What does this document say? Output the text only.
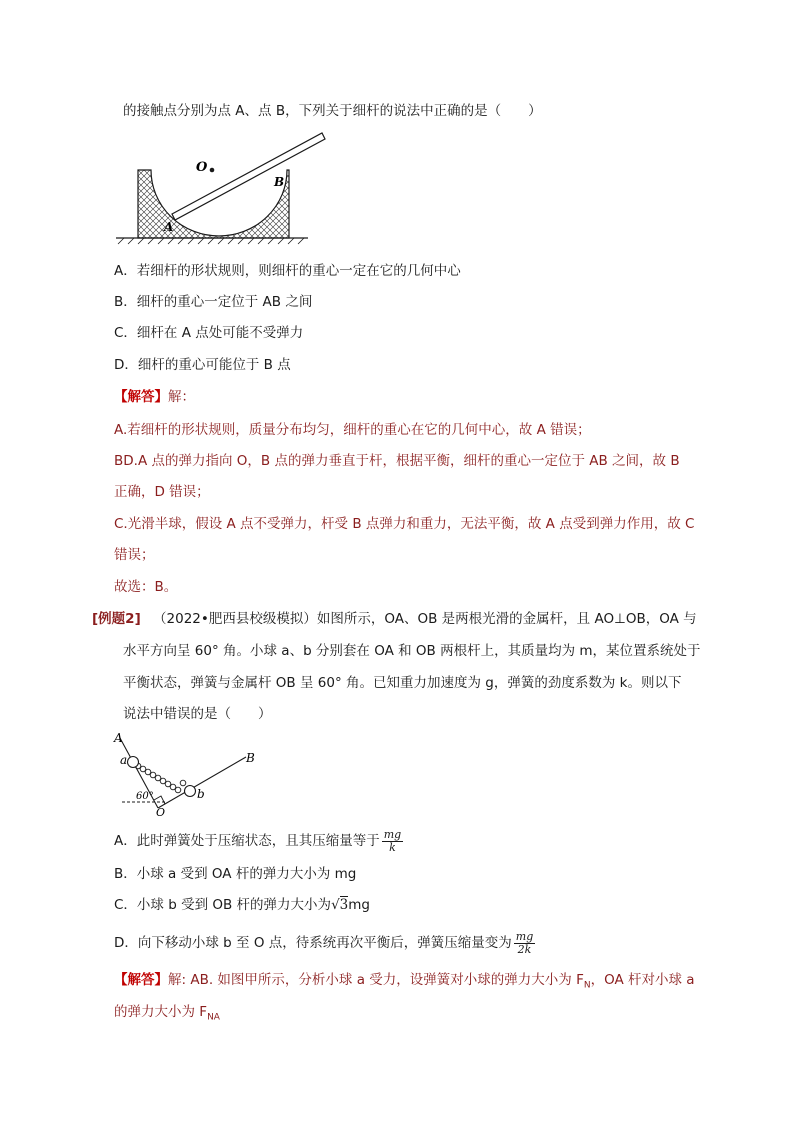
的接触点分别为点 A、点 B，下列关于细杆的说法中正确的是（　　）
O
A
B
A．若细杆的形状规则，则细杆的重心一定在它的几何中心
B．细杆的重心一定位于 AB 之间
C．细杆在 A 点处可能不受弹力
D．细杆的重心可能位于 B 点
【解答】解：
A.若细杆的形状规则，质量分布均匀，细杆的重心在它的几何中心，故 A 错误；
BD.A 点的弹力指向 O，B 点的弹力垂直于杆，根据平衡，细杆的重心一定位于 AB 之间，故 B
正确，D 错误；
C.光滑半球，假设 A 点不受弹力，杆受 B 点弹力和重力，无法平衡，故 A 点受到弹力作用，故 C
错误；
故选：B。
[例题2] （2022•肥西县校级模拟）如图所示，OA、OB 是两根光滑的金属杆，且 AO⊥OB，OA 与
水平方向呈 60° 角。小球 a、b 分别套在 OA 和 OB 两根杆上，其质量均为 m，某位置系统处于
平衡状态，弹簧与金属杆 OB 呈 60° 角。已知重力加速度为 g，弹簧的劲度系数为 k。则以下
说法中错误的是（　　）
A
B
a
b
O
60°
A．此时弹簧处于压缩状态，且其压缩量等于 $\frac{mg}{k}$
B．小球 a 受到 OA 杆的弹力大小为 mg
C．小球 b 受到 OB 杆的弹力大小为√3mg
D．向下移动小球 b 至 O 点，待系统再次平衡后，弹簧压缩量变为 $\frac{mg}{2k}$
【解答】解: AB. 如图甲所示，分析小球 a 受力，设弹簧对小球的弹力大小为 $F_N$，OA 杆对小球 a
的弹力大小为 $F_{NA}$
